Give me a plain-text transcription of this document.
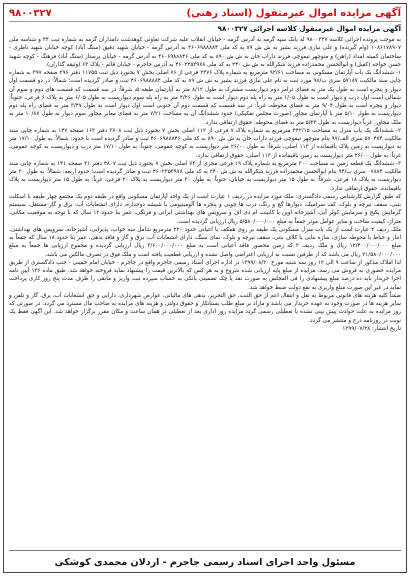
آگهی مزایده اموال غیرمنقول (اسناد رهنی)
۹۸۰۰۳۲۷
آگهی مزایده اموال غیرمنقول کلاسه اجرائی ۹۸۰۰۳۲۷

به موجب پرونده اجرائی کلاسه ۹۸۰۰۳۲۷ له بانک سپه گرمه به آدرس گرمه - خیابان انقلاب علیه شرکت تعاونی کوهدشت دامداران گرمه به شماره ثبت ۴۴ و شناسه ملی ۱۰۸۶۱۷۸۹۰۷ (وام گیرنده) و علی نیازی فرزند بشیر به ش ش ۸۹ به کد ملی ۴۶۰۶۹۸۸۸۸۴ به آدرس گرمه - خیابان شهید دقیق (سنگ آباد) کوچه خیابان شهید ناظری - ساختمان کمیته امداد (راهن) و منوچهر تیموچی فرزند داراب خان به ش ش ۸۹۰ به کد ملی ۴۶۰۶۹۸۸۸۴۶ به آدرس گرمه - خیابان پرستار (سنگ آباد) فرهنگ - کوچه شهید حسن خواجه (کفیل) و ابوالحسن محمدزاده فرزند شکرالله به ش ش ۲۴۰ به کد ملی ۴۶۰۲۲۵۳۹۷۸ به آدرس جاجرم - خیابان قائم - پلاک ۶۳ (وثیقه گذاران).

۱- ششدانگ یک باب آپارتمان مسکونی به مساحت ۹۲/۶۱ مترمربع به شماره پلاک ۲۳۷۶ فرعی از ۷۶ اصلی بخش ۷ بجنورد ذیل ثبت ۱۱۷۵۵ دفتر ۳۹۶ صفحه ۳۹۷ به شماره چاپی سند مالکیت ۵۷۱۸۷ سری ب/۹۸ مورد ثبت به نام علی نیازی فرزند بشیر به ش ش ۸۹ به کد ملی ۴۶۰۶۹۸۸۸۸۴ ثبت و صادر گردیده است؛ شمالاً: در دو قسمت اول دیوار و پنجره است به طول یک متر به فضای ترامر دوم دیواریست مشترک به طول ۸/۱۲ متر به آپارتمان طبقه ۵، شرقاً: در سه قسمت که قسمت های دوم و سوم آن شمالی است اول درب و دیوار است به طول ۱/۰۵ متر به راه پله دوم دیوار است به طول ۳/۲۶ متر به راه پله سوم دیواریست به طول ۶/۰۵ متر به پلاک ۶ فرعی، جنوباً: دیوار و پنجره است به طول ۹/۰۴ متر به فضای محوطه، غرباً: در سه قسمت که قسمت دوم آن جنوبی است اول دیوار است به طول ۳/۴۷ متر به فضای راه پله دوم دیواریست به طول ۵/۱۰ متر با آپارتمان مجاور (صورت مجلس تفکیکی) حدود ششدانگ آن به مساحت ۷/۲۱ متر به فضای معابر مجاور سوم دیوار به طول ۱۰/۸۷ متر به ملک مجاور. غرباً دیواریست به طول ۵/۲۳ متر به فضای محوطه. حقوق ارتفاقی ندارد.

۲- ششدانگ یک باب منزل به مساحت ۴۴۲/۱۵ مترمربع به شماره پلاک ۷ فرعی از ۱۱۳ اصلی بخش ۷ بجنورد ذیل ثبت ۳۷۰۸ دفتر ۱۶۳ صفحه ۱۴۷ به شماره چاپی سند مالکیت ۵۷۰۴۷۴ سری الف/۹۷ بنام منوچهر تیموچی فرزند داراب خان به ش ش ۸۹۰ به کد ملی ۴۶۰۶۹۸۸۸۴۶ ثبت و صادر گردیده است با حدود: شمالاً: به طول ۱۷/۱۰ متر به دیواریست به زمین پلاک باقیمانده از ۱۱۳ اصلی، شرقاً: به طول ۲۶/۰۰ متر دیواریست به کوچه عمومی، جنوباً: به طول ۱۷/۱۰ متر درب و دیواریست به کوچه عمومی، غرباً: به طول ۲۶/۰۰ متر دیواریست به زمین باقیمانده از ۱۱۳ اصلی. حقوق ارتفاقی ندارد.

۳- ششدانگ یک قطعه زمین به مساحت ۳۰۰ مترمربع به شماره پلاک ۱۹ فرعی مجزی از ۷۴ اصلی بخش ۷ بجنورد ذیل ثبت ۴۸۰۷ دفتر ۳۱ صفحه ۱۳۱ به شماره چاپی سند مالکیت ۰۷۸۸۴ سری ب/۹۴ بنام ابوالحسن محمدزاده فرزند شکرالله به ش ش ۲۴۰ به کد ملی ۴۶۰۲۲۵۳۹۷۸ ثبت و صادر گردیده است؛ حدود اربعه: شمالاً: به طول ۲۰ متر دیواریست به پلاک ۱۸ فرعی، شرقاً: به طول ۱۵ متر دیواریست به خیابان، جنوباً: به طول ۲۰ متر دیواریست به پلاک ۲۰ فرعی، غرباً: به طول ۱۵ متر دیواریست به پلاک باقیمانده. حقوق ارتفاقی ندارد.

که طبق گزارش کارشناس رسمی دادگستری: ملک مورد مزایده در ردیف ۱ عبارت است از یک واحد آپارتمان مسکونی واقع در طبقه دوم یک مجتمع چهار طبقه با اسکلت بتنی، سقف تیرچه و بلوک، کف سرامیک، دیوارها گچ و رنگ، درب ها چوبی و پنجره ها آلومینیومی با شیشه دوجداره، دارای انشعابات آب، برق و گاز مستقل، سیستم گرمایش پکیج و سرمایش کولر آبی، آشپزخانه اوپن با کابینت ام دی اف و سرویس های بهداشتی ایرانی و فرنگی، عمر بنا حدود ۱۲ سال که با توجه به موقعیت مکانی، متراژ، کیفیت ساخت و سایر عوامل موثر جمعاً به مبلغ ۵/۵۸۰/۰۰۰/۰۰۰ ریال ارزیابی گردیده است.

ملک ردیف ۲ عبارت است از یک باب منزل مسکونی یک طبقه بر روی همکف با اعیانی حدود ۲۲۰ مترمربع شامل سه خواب، پذیرایی، آشپزخانه، سرویس های بهداشتی، انبار و حیاط با محوطه سازی، سازه بنایی با کلاف بتنی، سقف تیرچه و بلوک، نمای سنگ، دارای انشعابات آب، برق و گاز و فاقد بدهی، عمر بنا حدود ۱۸ سال که جمعاً به مبلغ ۱۲/۴۰۰/۰۰۰/۰۰۰ ریال و ملک ردیف ۳ که زمین محصور فاقد اعیانی است به مبلغ ۳/۶۰۰/۰۰۰/۰۰۰ ریال ارزیابی گردیده و مجموع ارزیابی ها جمعاً به مبلغ ۲۱/۵۸۰/۰۰۰/۰۰۰ ریال می باشد که از طرفین نسبت به ارزیابی اعتراضی واصل نشده و ارزیابی قطعیت یافته است و ملک فوق در تصرف مالکین می باشد.

لذا املاک مذکور از ساعت ۹ الی ۱۲ روز سه شنبه مورخ ۱۳۹۹/۰۸/۲۰ در اداره اجرای اسناد رسمی جاجرم واقع در جاجرم - خیابان امام خمینی - جنب دادگستری از طریق مزایده حضوری به فروش می رسد. مزایده از مبلغ پایه ارزیابی شده شروع و به هر کس که بالاترین قیمت را پیشنهاد نماید فروخته خواهد شد. طبق ماده ۱۳۶ آیین نامه اجرا خریدار باید ده درصد مبلغ پیشنهادی را فی المجلس به صورت نقد یا چک تضمینی بانکی به حساب سپرده ثبت واریز و مابقی را ظرف مدت پنج روز کاری پرداخت نماید در غیر این صورت مبلغ واریزی به نفع دولت ضبط خواهد شد.

ضمناً کلیه هزینه های قانونی مربوط به نقل و انتقال اعم از حق الثبت، حق التحریر، بدهی های مالیاتی، عوارض شهرداری، دارایی و حق انشعابات آب، برق، گاز و تلفن و سایر هزینه ها در صورت وجود به عهده خریدار می باشد و مازاد بر مبلغ طلب بستانکار و حقوق دولتی و هزینه های مزایده به صاحب مال مسترد می گردد. در صورتی که روز مزایده به علت حوادث پیش بینی نشده یا تعطیلی رسمی گردد مزایده روز اداری بعد از تعطیلی در همان ساعت و مکان مقرر برگزار خواهد شد. این آگهی فقط یک نوبت در روزنامه درج و منتشر می گردد.

تاریخ انتشار: ۱۳۹۹/۰۷/۲۸

مسئول واحد اجرای اسناد رسمی جاجرم - اردلان محمدی کوشکی
